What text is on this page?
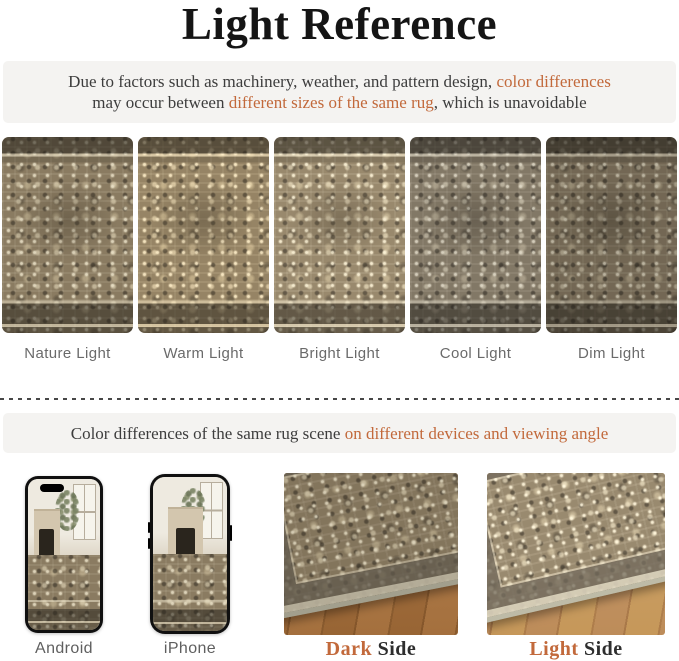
Light Reference
Due to factors such as machinery, weather, and pattern design, color differences
may occur between different sizes of the same rug, which is unavoidable
Nature Light	Warm Light	Bright Light	Cool Light	Dim Light
Color differences of the same rug scene on different devices and viewing angle
Android	iPhone	Dark Side	Light Side
